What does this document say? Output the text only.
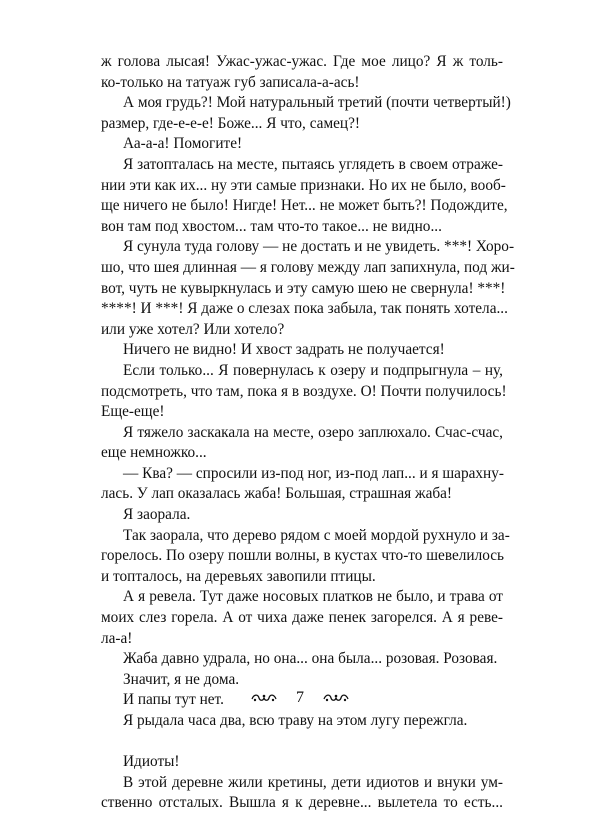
ж голова лысая! Ужас-ужас-ужас. Где мое лицо? Я ж толь-
ко-только на татуаж губ записала-а-ась!
А моя грудь?! Мой натуральный третий (почти четвертый!)
размер, где-е-е-е! Боже... Я что, самец?!
Аа-а-а! Помогите!
Я затопталась на месте, пытаясь углядеть в своем отраже-
нии эти как их... ну эти самые признаки. Но их не было, вооб-
ще ничего не было! Нигде! Нет... не может быть?! Подождите,
вон там под хвостом... там что-то такое... не видно...
Я сунула туда голову — не достать и не увидеть. ***! Хоро-
шо, что шея длинная — я голову между лап запихнула, под жи-
вот, чуть не кувыркнулась и эту самую шею не свернула! ***!
****! И ***! Я даже о слезах пока забыла, так понять хотела...
или уже хотел? Или хотело?
Ничего не видно! И хвост задрать не получается!
Если только... Я повернулась к озеру и подпрыгнула – ну,
подсмотреть, что там, пока я в воздухе. О! Почти получилось!
Еще-еще!
Я тяжело заскакала на месте, озеро заплюхало. Счас-счас,
еще немножко...
— Ква? — спросили из-под ног, из-под лап... и я шарахну-
лась. У лап оказалась жаба! Большая, страшная жаба!
Я заорала.
Так заорала, что дерево рядом с моей мордой рухнуло и за-
горелось. По озеру пошли волны, в кустах что-то шевелилось
и топталось, на деревьях завопили птицы.
А я ревела. Тут даже носовых платков не было, и трава от
моих слез горела. А от чиха даже пенек загорелся. А я реве-
ла-а!
Жаба давно удрала, но она... она была... розовая. Розовая.
Значит, я не дома.
И папы тут нет.
Я рыдала часа два, всю траву на этом лугу пережгла.
Идиоты!
В этой деревне жили кретины, дети идиотов и внуки ум-
ственно отсталых. Вышла я к деревне... вылетела то есть...
7
